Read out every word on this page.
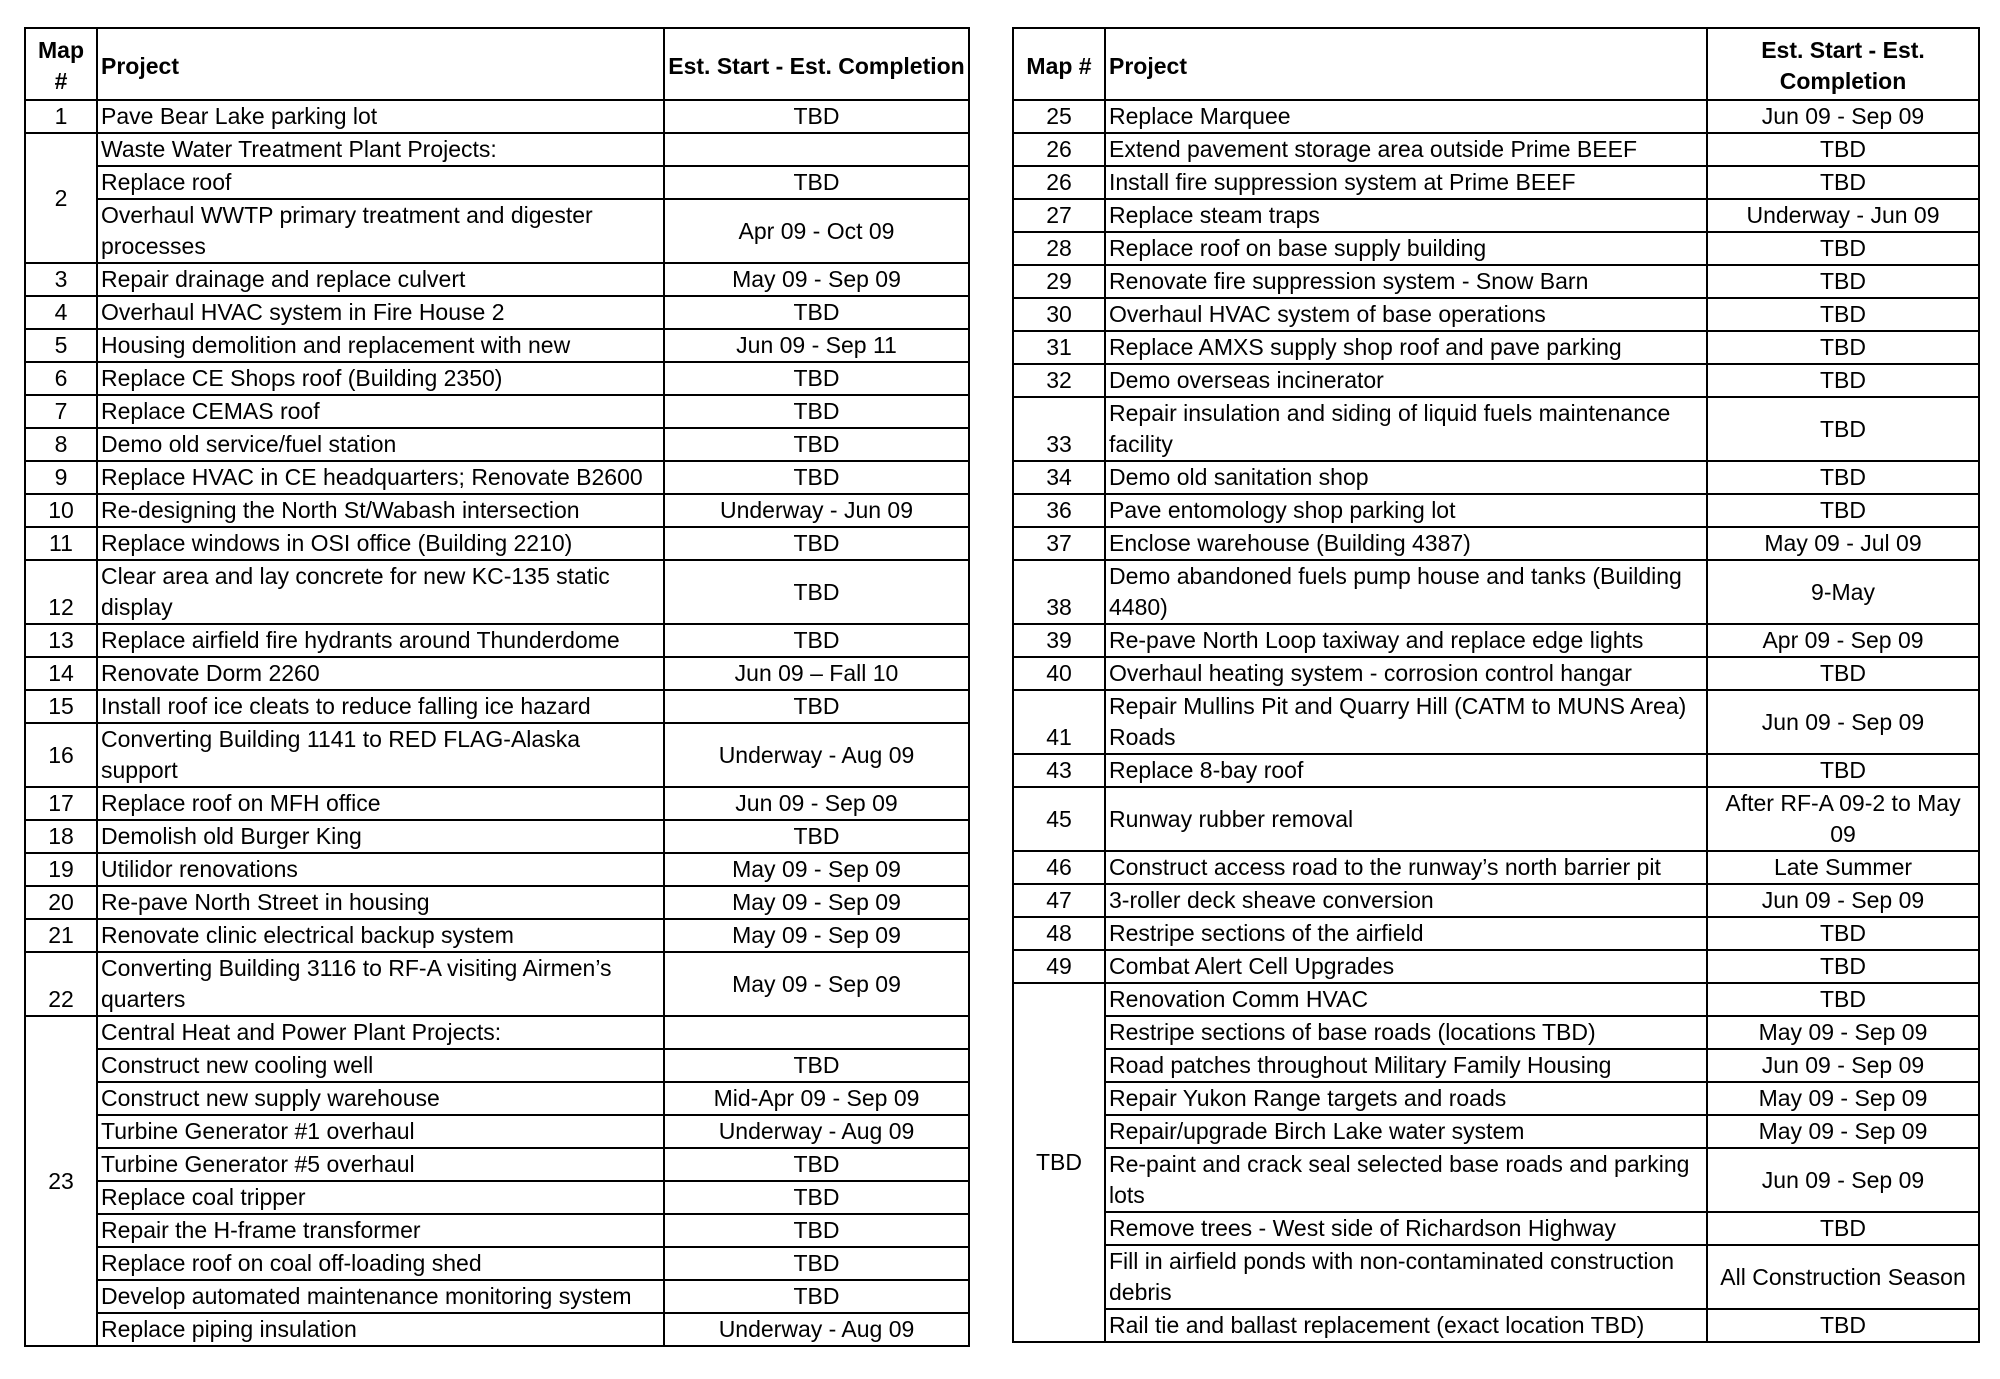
Map #	Project	Est. Start - Est. Completion
1	Pave Bear Lake parking lot	TBD
2	Waste Water Treatment Plant Projects:	
	Replace roof	TBD
	Overhaul WWTP primary treatment and digester processes	Apr 09 - Oct 09
3	Repair drainage and replace culvert	May 09 - Sep 09
4	Overhaul HVAC system in Fire House 2	TBD
5	Housing demolition and replacement with new	Jun 09 - Sep 11
6	Replace CE Shops roof (Building 2350)	TBD
7	Replace CEMAS roof	TBD
8	Demo old service/fuel station	TBD
9	Replace HVAC in CE headquarters; Renovate B2600	TBD
10	Re-designing the North St/Wabash intersection	Underway - Jun 09
11	Replace windows in OSI office (Building 2210)	TBD
12	Clear area and lay concrete for new KC-135 static display	TBD
13	Replace airfield fire hydrants around Thunderdome	TBD
14	Renovate Dorm 2260	Jun 09 – Fall 10
15	Install roof ice cleats to reduce falling ice hazard	TBD
16	Converting Building 1141 to RED FLAG-Alaska support	Underway - Aug 09
17	Replace roof on MFH office	Jun 09 - Sep 09
18	Demolish old Burger King	TBD
19	Utilidor renovations	May 09 - Sep 09
20	Re-pave North Street in housing	May 09 - Sep 09
21	Renovate clinic electrical backup system	May 09 - Sep 09
22	Converting Building 3116 to RF-A visiting Airmen’s quarters	May 09 - Sep 09
23	Central Heat and Power Plant Projects:	
	Construct new cooling well	TBD
	Construct new supply warehouse	Mid-Apr 09 - Sep 09
	Turbine Generator #1 overhaul	Underway - Aug 09
	Turbine Generator #5 overhaul	TBD
	Replace coal tripper	TBD
	Repair the H-frame transformer	TBD
	Replace roof on coal off-loading shed	TBD
	Develop automated maintenance monitoring system	TBD
	Replace piping insulation	Underway - Aug 09
Map #	Project	Est. Start - Est. Completion
25	Replace Marquee	Jun 09 - Sep 09
26	Extend pavement storage area outside Prime BEEF	TBD
26	Install fire suppression system at Prime BEEF	TBD
27	Replace steam traps	Underway - Jun 09
28	Replace roof on base supply building	TBD
29	Renovate fire suppression system - Snow Barn	TBD
30	Overhaul HVAC system of base operations	TBD
31	Replace AMXS supply shop roof and pave parking	TBD
32	Demo overseas incinerator	TBD
33	Repair insulation and siding of liquid fuels maintenance facility	TBD
34	Demo old sanitation shop	TBD
36	Pave entomology shop parking lot	TBD
37	Enclose warehouse (Building 4387)	May 09 - Jul 09
38	Demo abandoned fuels pump house and tanks (Building 4480)	9-May
39	Re-pave North Loop taxiway and replace edge lights	Apr 09 - Sep 09
40	Overhaul heating system - corrosion control hangar	TBD
41	Repair Mullins Pit and Quarry Hill (CATM to MUNS Area) Roads	Jun 09 - Sep 09
43	Replace 8-bay roof	TBD
45	Runway rubber removal	After RF-A 09-2 to May 09
46	Construct access road to the runway’s north barrier pit	Late Summer
47	3-roller deck sheave conversion	Jun 09 - Sep 09
48	Restripe sections of the airfield	TBD
49	Combat Alert Cell Upgrades	TBD
TBD	Renovation Comm HVAC	TBD
	Restripe sections of base roads (locations TBD)	May 09 - Sep 09
	Road patches throughout Military Family Housing	Jun 09 - Sep 09
	Repair Yukon Range targets and roads	May 09 - Sep 09
	Repair/upgrade Birch Lake water system	May 09 - Sep 09
	Re-paint and crack seal selected base roads and parking lots	Jun 09 - Sep 09
	Remove trees - West side of Richardson Highway	TBD
	Fill in airfield ponds with non-contaminated construction debris	All Construction Season
	Rail tie and ballast replacement (exact location TBD)	TBD
